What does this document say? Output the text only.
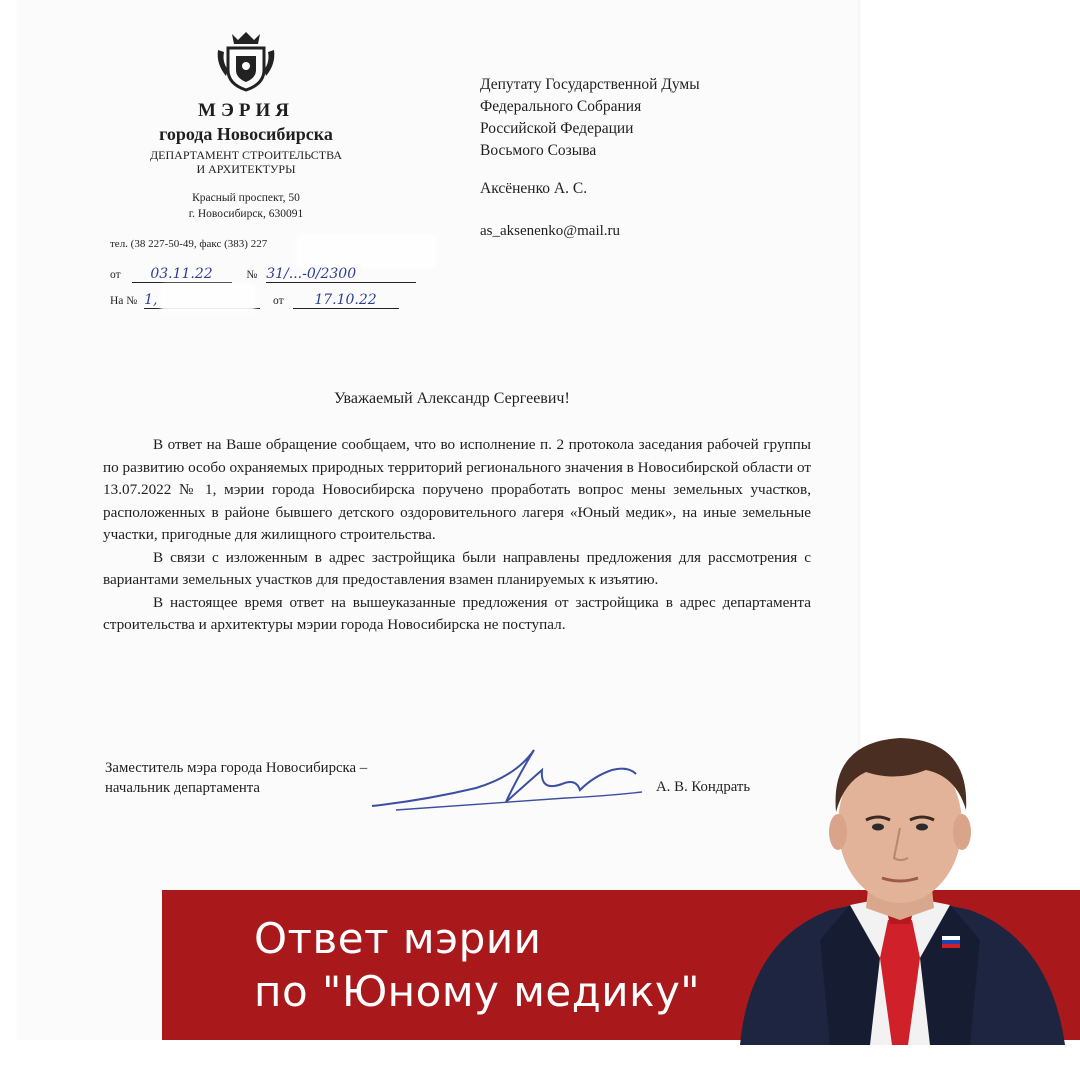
МЭРИЯ
города Новосибирска
ДЕПАРТАМЕНТ СТРОИТЕЛЬСТВА
И АРХИТЕКТУРЫ
Красный проспект, 50
г. Новосибирск, 630091
тел. (38 227-50-49, факс (383) 227
от 03.11.22	№ 31/...-0/2300
На № 1,	от 17.10.22
Депутату Государственной Думы
Федерального Собрания
Российской Федерации
Восьмого Созыва
Аксёненко А. С.
as_aksenenko@mail.ru
Уважаемый Александр Сергеевич!

В ответ на Ваше обращение сообщаем, что во исполнение п. 2 протокола заседания рабочей группы по развитию особо охраняемых природных территорий регионального значения в Новосибирской области от 13.07.2022 № 1, мэрии города Новосибирска поручено проработать вопрос мены земельных участков, расположенных в районе бывшего детского оздоровительного лагеря «Юный медик», на иные земельные участки, пригодные для жилищного строительства.

В связи с изложенным в адрес застройщика были направлены предложения для рассмотрения с вариантами земельных участков для предоставления взамен планируемых к изъятию.

В настоящее время ответ на вышеуказанные предложения от застройщика в адрес департамента строительства и архитектуры мэрии города Новосибирска не поступал.

Заместитель мэра города Новосибирска –
начальник департамента	А. В. Кондрать
Ответ мэрии
по "Юному медику"
